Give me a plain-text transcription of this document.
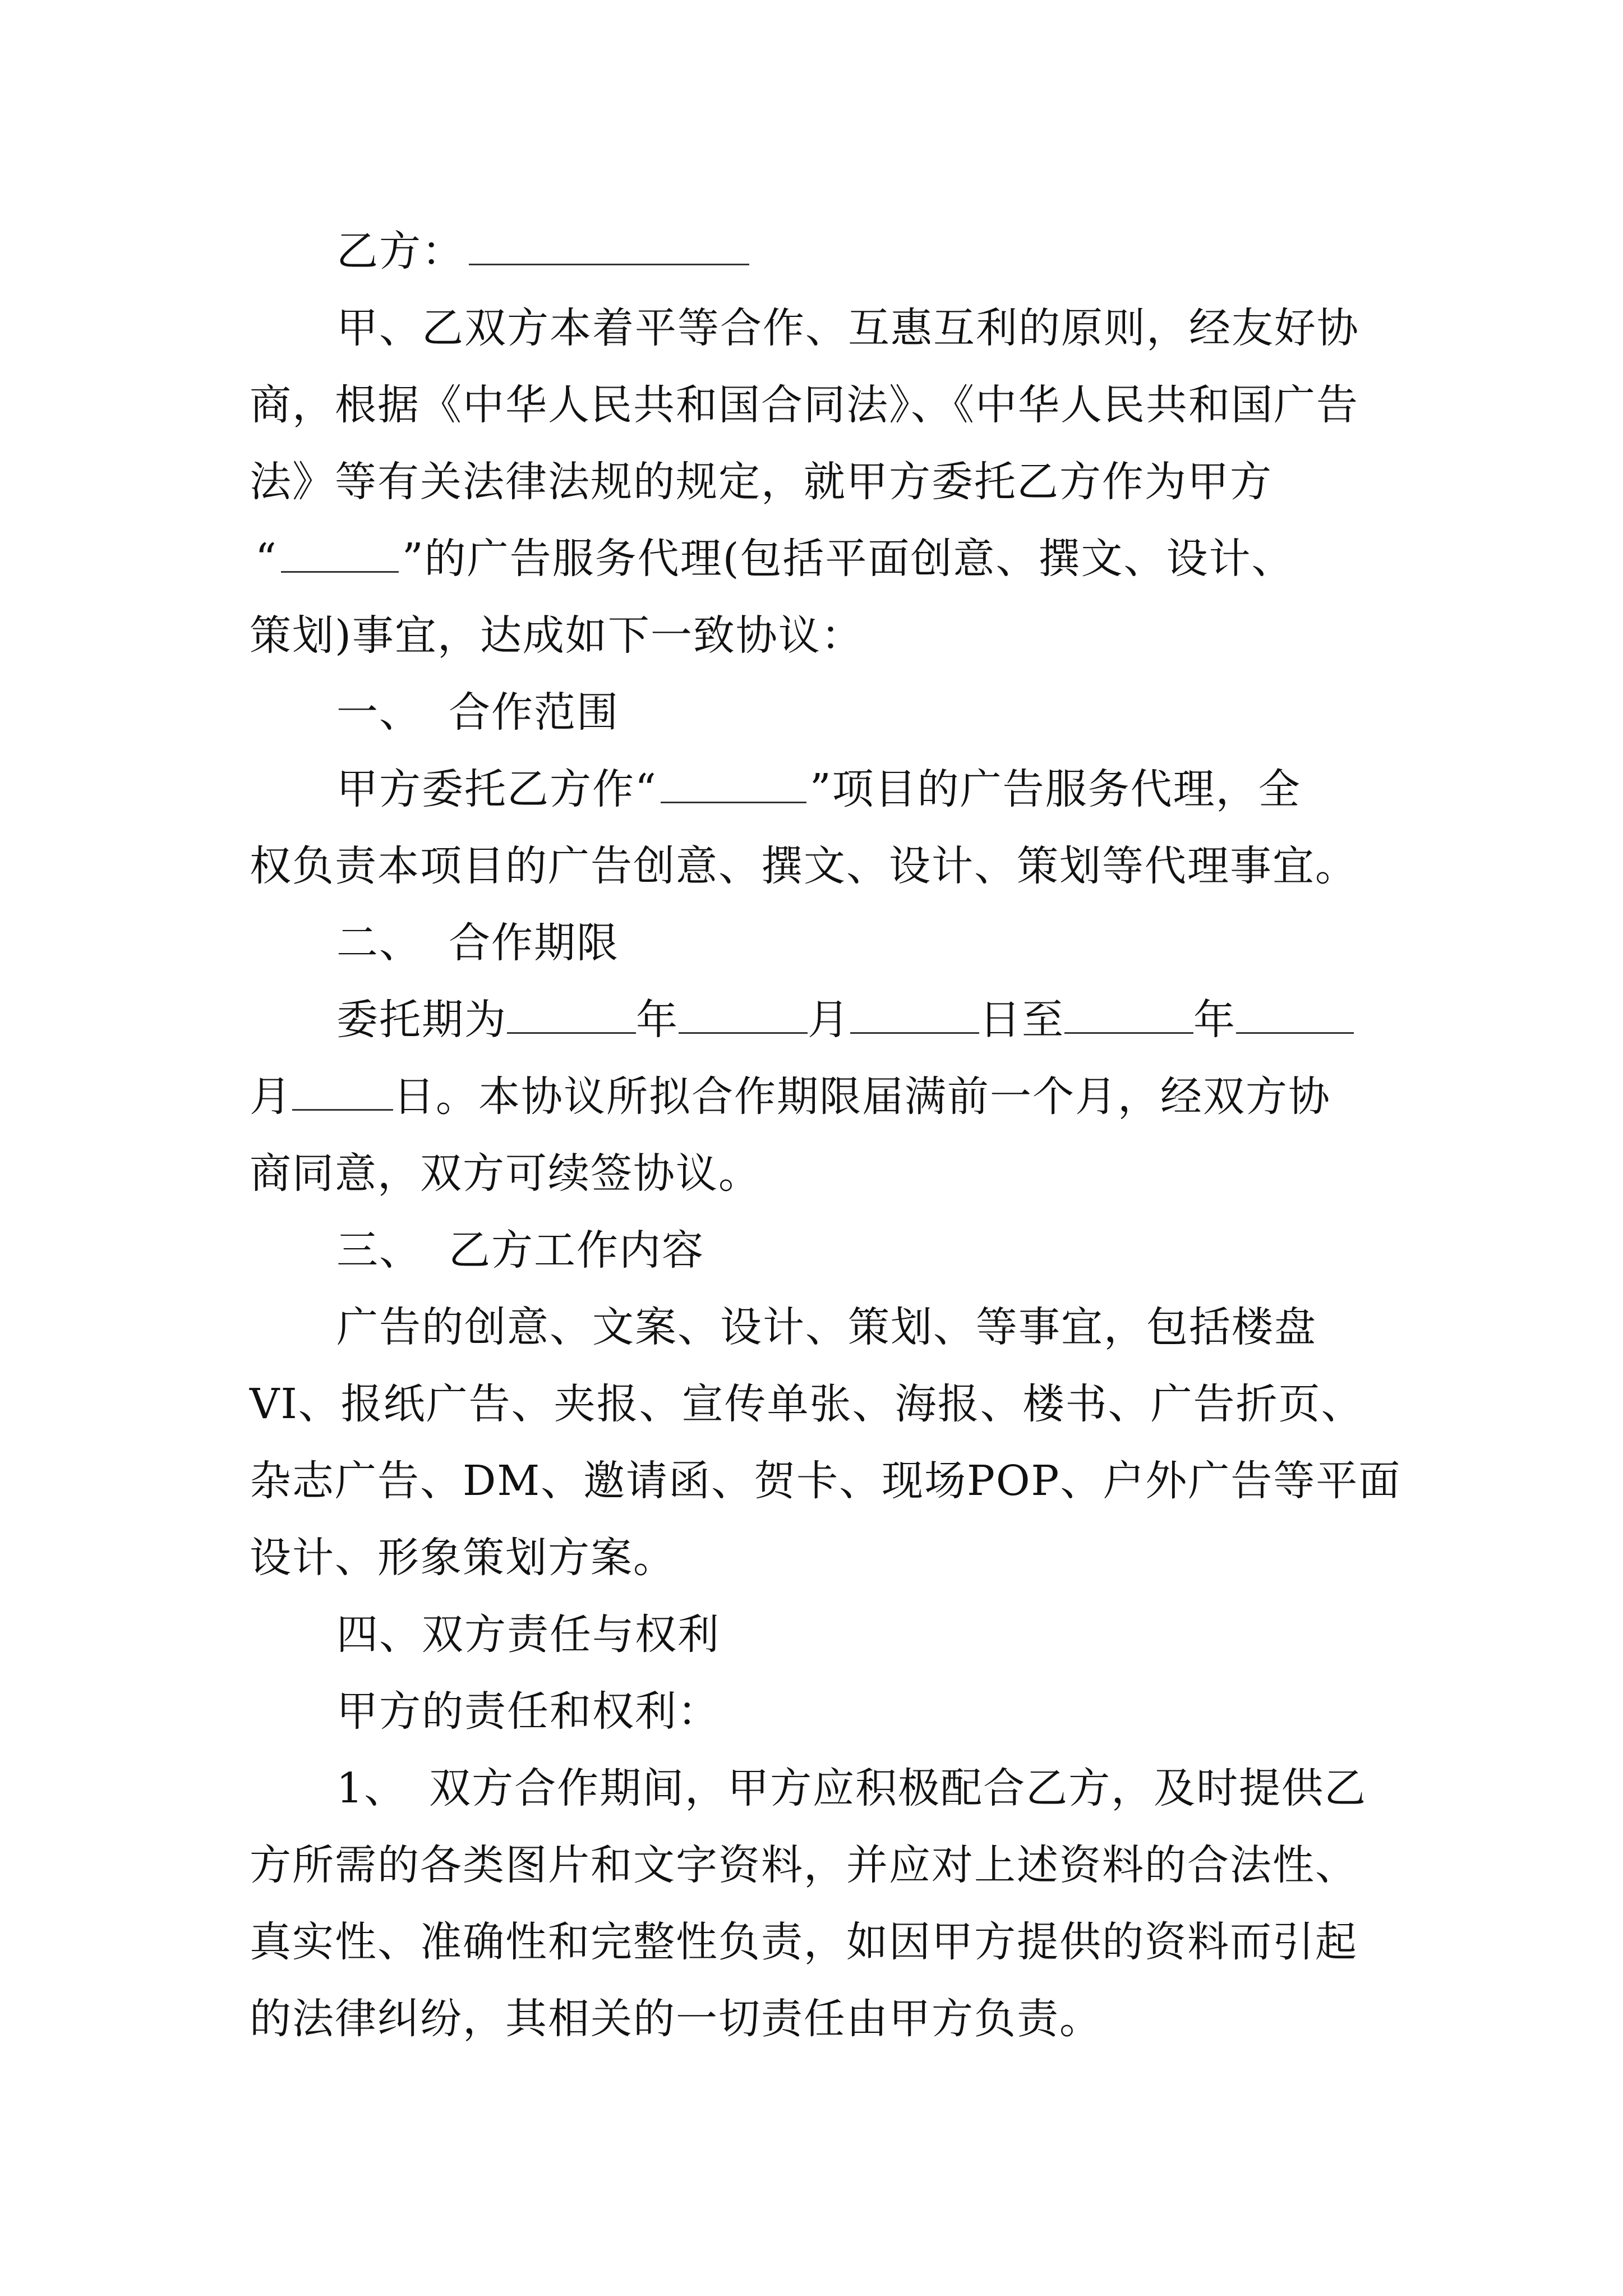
乙方：
甲、乙双方本着平等合作、互惠互利的原则，经友好协
商，根据《中华人民共和国合同法》、《中华人民共和国广告
法》等有关法律法规的规定，就甲方委托乙方作为甲方
“	”的广告服务代理(包括平面创意、撰文、设计、
策划)事宜，达成如下一致协议：
一、 合作范围
甲方委托乙方作“	”项目的广告服务代理，全
权负责本项目的广告创意、撰文、设计、策划等代理事宜。
二、 合作期限
委托期为	年	月	日至	年
月 日。本协议所拟合作期限届满前一个月，经双方协
商同意，双方可续签协议。
三、 乙方工作内容
广告的创意、文案、设计、策划、等事宜，包括楼盘
VI、报纸广告、夹报、宣传单张、海报、楼书、广告折页、
杂志广告、DM、邀请函、贺卡、现场POP、户外广告等平面
设计、形象策划方案。
四、双方责任与权利
甲方的责任和权利：
1、 双方合作期间，甲方应积极配合乙方，及时提供乙
方所需的各类图片和文字资料，并应对上述资料的合法性、
真实性、准确性和完整性负责，如因甲方提供的资料而引起
的法律纠纷，其相关的一切责任由甲方负责。
